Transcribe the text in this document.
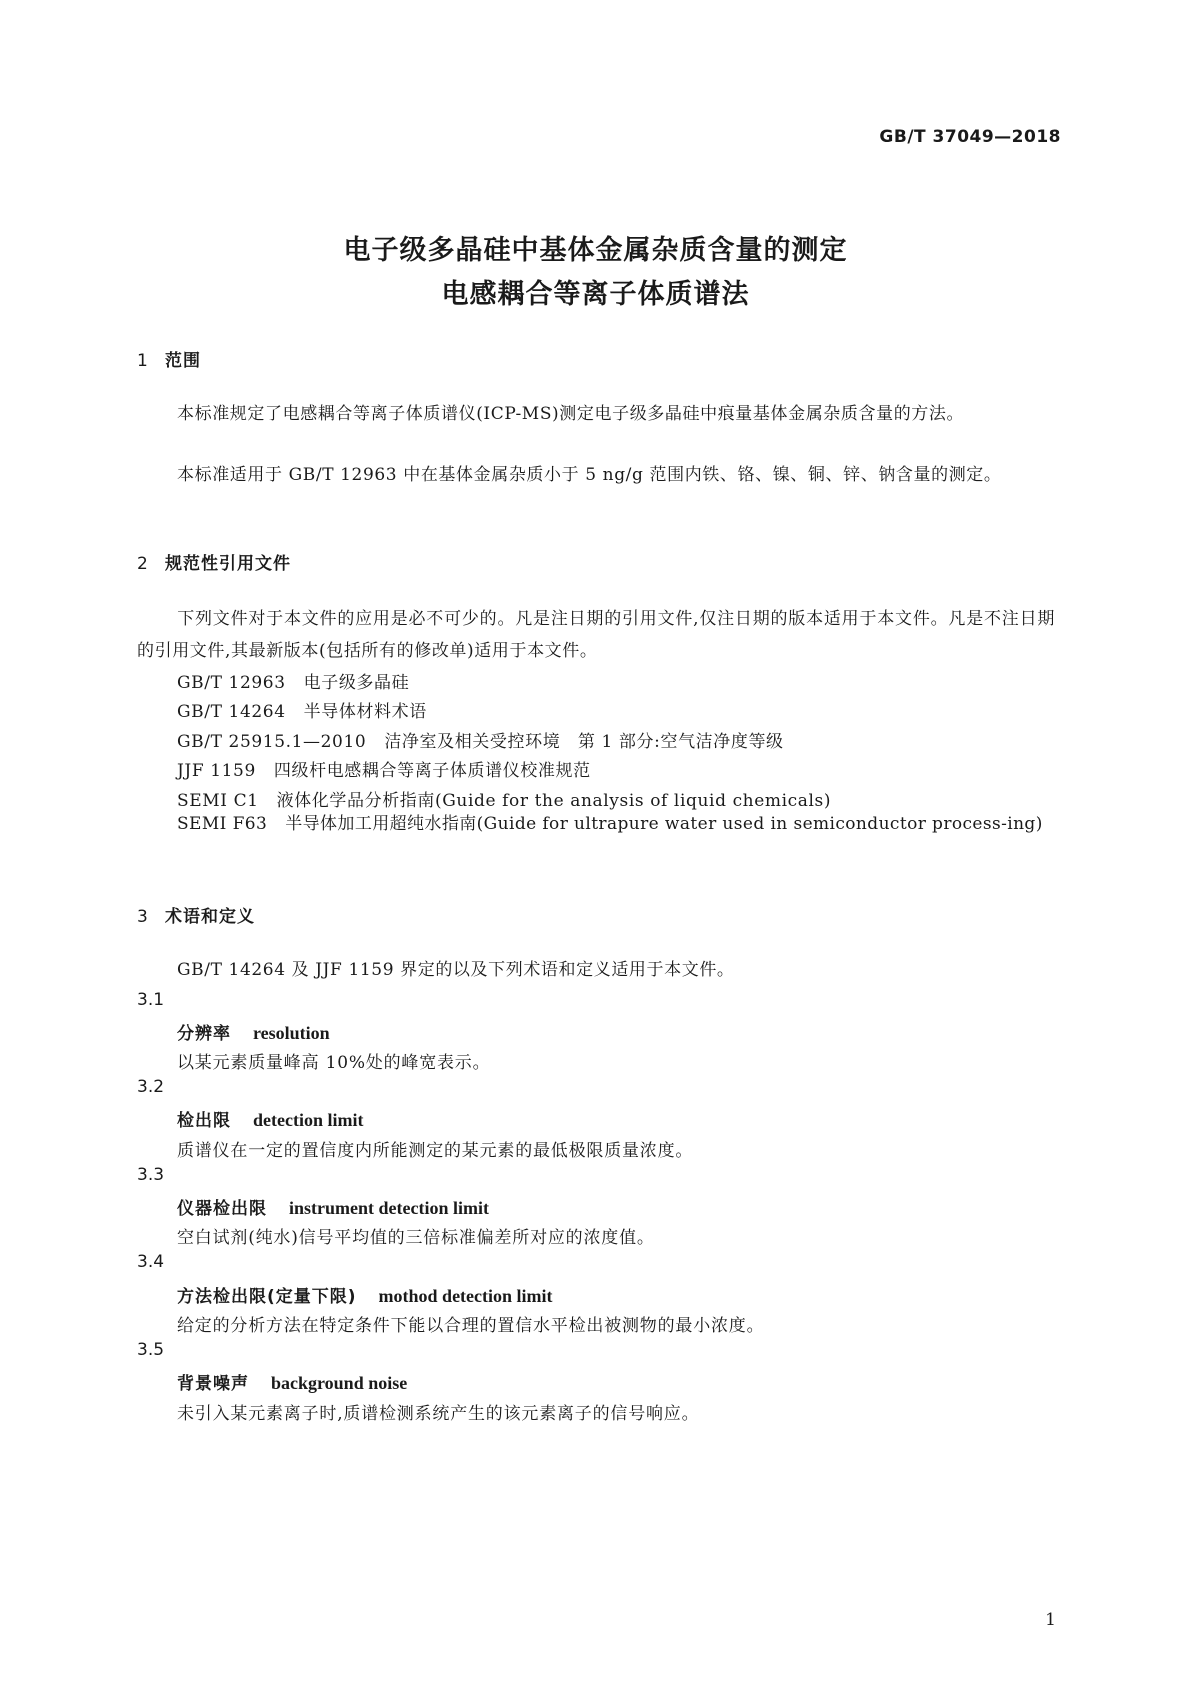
GB/T 37049—2018
电子级多晶硅中基体金属杂质含量的测定
电感耦合等离子体质谱法
1 范围
本标准规定了电感耦合等离子体质谱仪(ICP-MS)测定电子级多晶硅中痕量基体金属杂质含量的方法。
本标准适用于 GB/T 12963 中在基体金属杂质小于 5 ng/g 范围内铁、铬、镍、铜、锌、钠含量的测定。
2 规范性引用文件
下列文件对于本文件的应用是必不可少的。凡是注日期的引用文件,仅注日期的版本适用于本文件。凡是不注日期的引用文件,其最新版本(包括所有的修改单)适用于本文件。
GB/T 12963 电子级多晶硅
GB/T 14264 半导体材料术语
GB/T 25915.1—2010 洁净室及相关受控环境　第 1 部分:空气洁净度等级
JJF 1159 四级杆电感耦合等离子体质谱仪校准规范
SEMI C1 液体化学品分析指南(Guide for the analysis of liquid chemicals)
SEMI F63 半导体加工用超纯水指南(Guide for ultrapure water used in semiconductor process-ing)
3 术语和定义
GB/T 14264 及 JJF 1159 界定的以及下列术语和定义适用于本文件。
3.1
分辨率 resolution
以某元素质量峰高 10%处的峰宽表示。
3.2
检出限 detection limit
质谱仪在一定的置信度内所能测定的某元素的最低极限质量浓度。
3.3
仪器检出限 instrument detection limit
空白试剂(纯水)信号平均值的三倍标准偏差所对应的浓度值。
3.4
方法检出限(定量下限) mothod detection limit
给定的分析方法在特定条件下能以合理的置信水平检出被测物的最小浓度。
3.5
背景噪声 background noise
未引入某元素离子时,质谱检测系统产生的该元素离子的信号响应。
1
